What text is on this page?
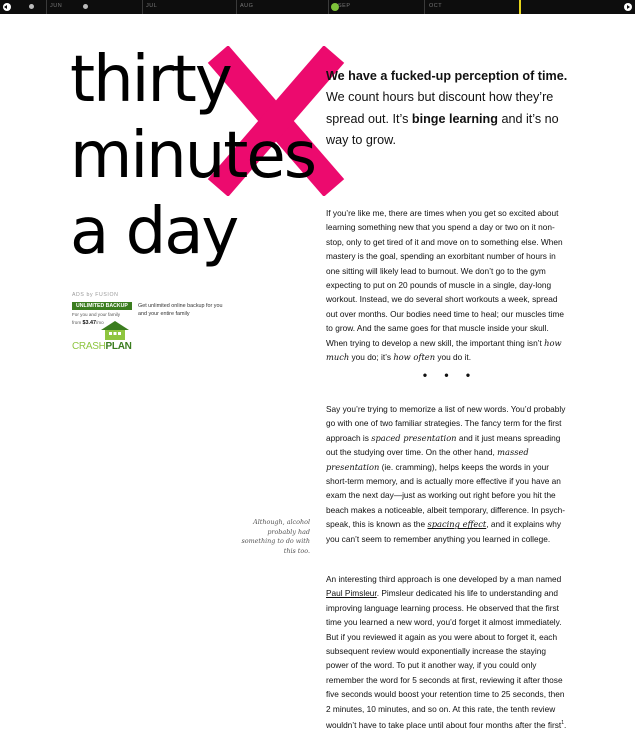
JUN	JUL	AUG	SEP	OCT
thirty
minutes
a day

We have a fucked-up perception of time. We count hours but discount how they’re spread out. It’s binge learning and it’s no way to grow.

If you’re like me, there are times when you get so excited about learning something new that you spend a day or two on it non-stop, only to get tired of it and move on to something else. When mastery is the goal, spending an exorbitant number of hours in one sitting will likely lead to burnout. We don’t go to the gym expecting to put on 20 pounds of muscle in a single, day-long workout. Instead, we do several short workouts a week, spread out over months. Our bodies need time to heal; our muscles time to grow. And the same goes for that muscle inside your skull. When trying to develop a new skill, the important thing isn’t how much you do; it’s how often you do it.

• • •

Say you’re trying to memorize a list of new words. You’d probably go with one of two familiar strategies. The fancy term for the first approach is spaced presentation and it just means spreading out the studying over time. On the other hand, massed presentation (ie. cramming), helps keeps the words in your short-term memory, and is actually more effective if you have an exam the next day—just as working out right before you hit the beach makes a noticeable, albeit temporary, difference. In psych-speak, this is known as the spacing effect, and it explains why you can’t seem to remember anything you learned in college.

Although, alcohol probably had something to do with this too.

An interesting third approach is one developed by a man named Paul Pimsleur. Pimsleur dedicated his life to understanding and improving language learning process. He observed that the first time you learned a new word, you’d forget it almost immediately. But if you reviewed it again as you were about to forget it, each subsequent review would exponentially increase the staying power of the word. To put it another way, if you could only remember the word for 5 seconds at first, reviewing it after those five seconds would boost your retention time to 25 seconds, then 2 minutes, 10 minutes, and so on. At this rate, the tenth review wouldn’t have to take place until about four months after the first$^1$.

ADS by FUSION
UNLIMITED BACKUP
For you and your family
from $3.47/mo
CRASHPLAN
Get unlimited online backup for you and your entire family
